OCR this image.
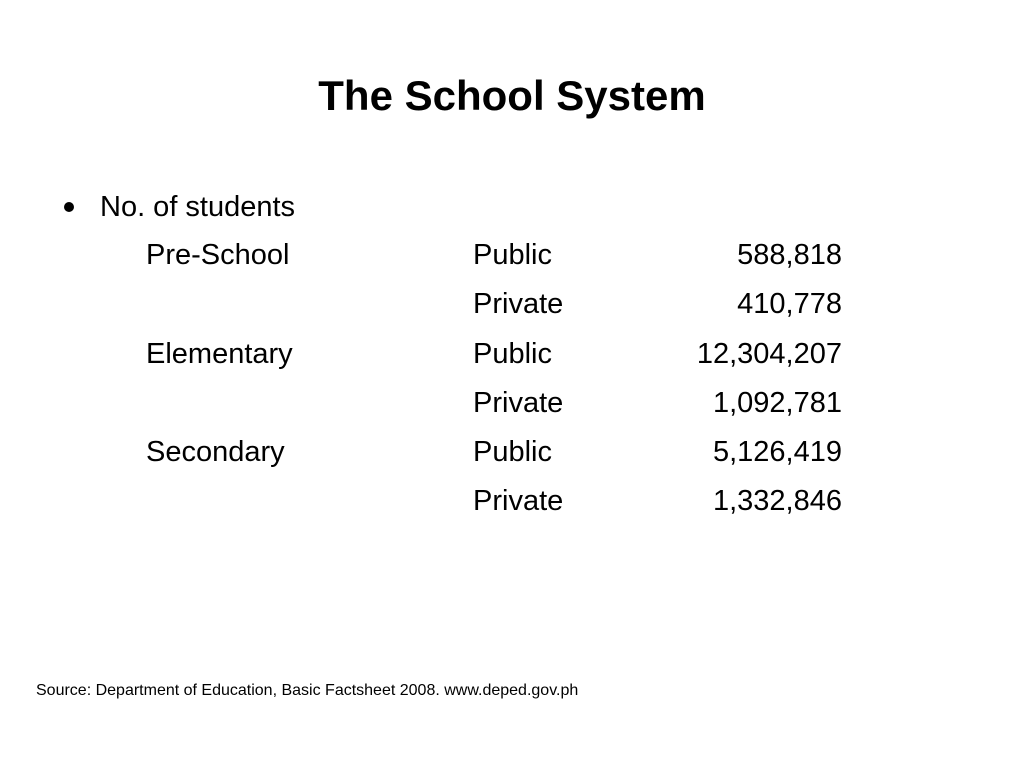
The School System
No. of students
Pre-School	Public	588,818
Private	410,778
Elementary	Public	12,304,207
Private	1,092,781
Secondary	Public	5,126,419
Private	1,332,846
Source: Department of Education, Basic Factsheet 2008. www.deped.gov.ph
